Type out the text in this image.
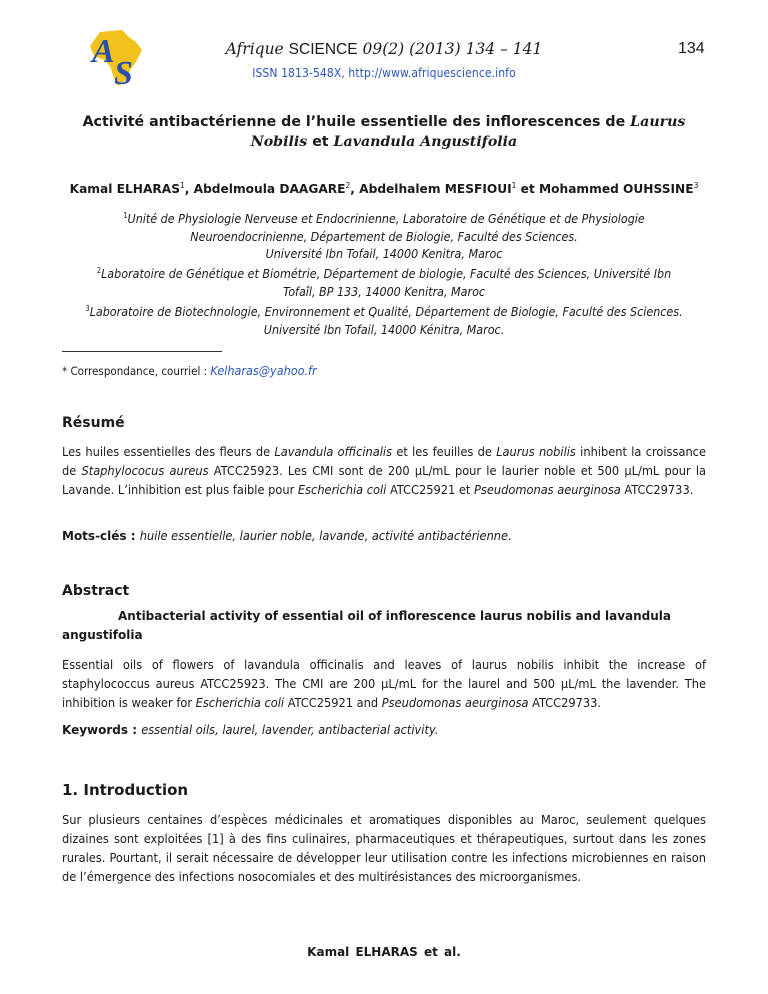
A
S
Afrique SCIENCE 09(2) (2013) 134 – 141	134
ISSN 1813-548X, http://www.afriquescience.info
Activité antibactérienne de l’huile essentielle des inflorescences de Laurus Nobilis et Lavandula Angustifolia
Kamal ELHARAS$^1$, Abdelmoula DAAGARE$^2$, Abdelhalem MESFIOUI$^1$ et Mohammed OUHSSINE$^3$
$^1$Unité de Physiologie Nerveuse et Endocrinienne, Laboratoire de Génétique et de Physiologie
Neuroendocrinienne, Département de Biologie, Faculté des Sciences.
Université Ibn Tofail, 14000 Kenitra, Maroc
$^2$Laboratoire de Génétique et Biométrie, Département de biologie, Faculté des Sciences, Université Ibn
Tofaîl, BP 133, 14000 Kenitra, Maroc
$^3$Laboratoire de Biotechnologie, Environnement et Qualité, Département de Biologie, Faculté des Sciences.
Université Ibn Tofail, 14000 Kénitra, Maroc.
* Correspondance, courriel : Kelharas@yahoo.fr
Résumé
Les huiles essentielles des fleurs de Lavandula officinalis et les feuilles de Laurus nobilis inhibent la croissance de Staphylococus aureus ATCC25923. Les CMI sont de 200 µL/mL pour le laurier noble et 500 µL/mL pour la Lavande. L’inhibition est plus faible pour Escherichia coli ATCC25921 et Pseudomonas aeurginosa ATCC29733.
Mots-clés : huile essentielle, laurier noble, lavande, activité antibactérienne.
Abstract
Antibacterial activity of essential oil of inflorescence laurus nobilis and lavandula angustifolia
Essential oils of flowers of lavandula officinalis and leaves of laurus nobilis inhibit the increase of staphylococcus aureus ATCC25923. The CMI are 200 µL/mL for the laurel and 500 µL/mL the lavender. The inhibition is weaker for Escherichia coli ATCC25921 and Pseudomonas aeurginosa ATCC29733.
Keywords : essential oils, laurel, lavender, antibacterial activity.
1. Introduction
Sur plusieurs centaines d’espèces médicinales et aromatiques disponibles au Maroc, seulement quelques dizaines sont exploitées [1] à des fins culinaires, pharmaceutiques et thérapeutiques, surtout dans les zones rurales. Pourtant, il serait nécessaire de développer leur utilisation contre les infections microbiennes en raison de l’émergence des infections nosocomiales et des multirésistances des microorganismes.
Kamal ELHARAS et al.
